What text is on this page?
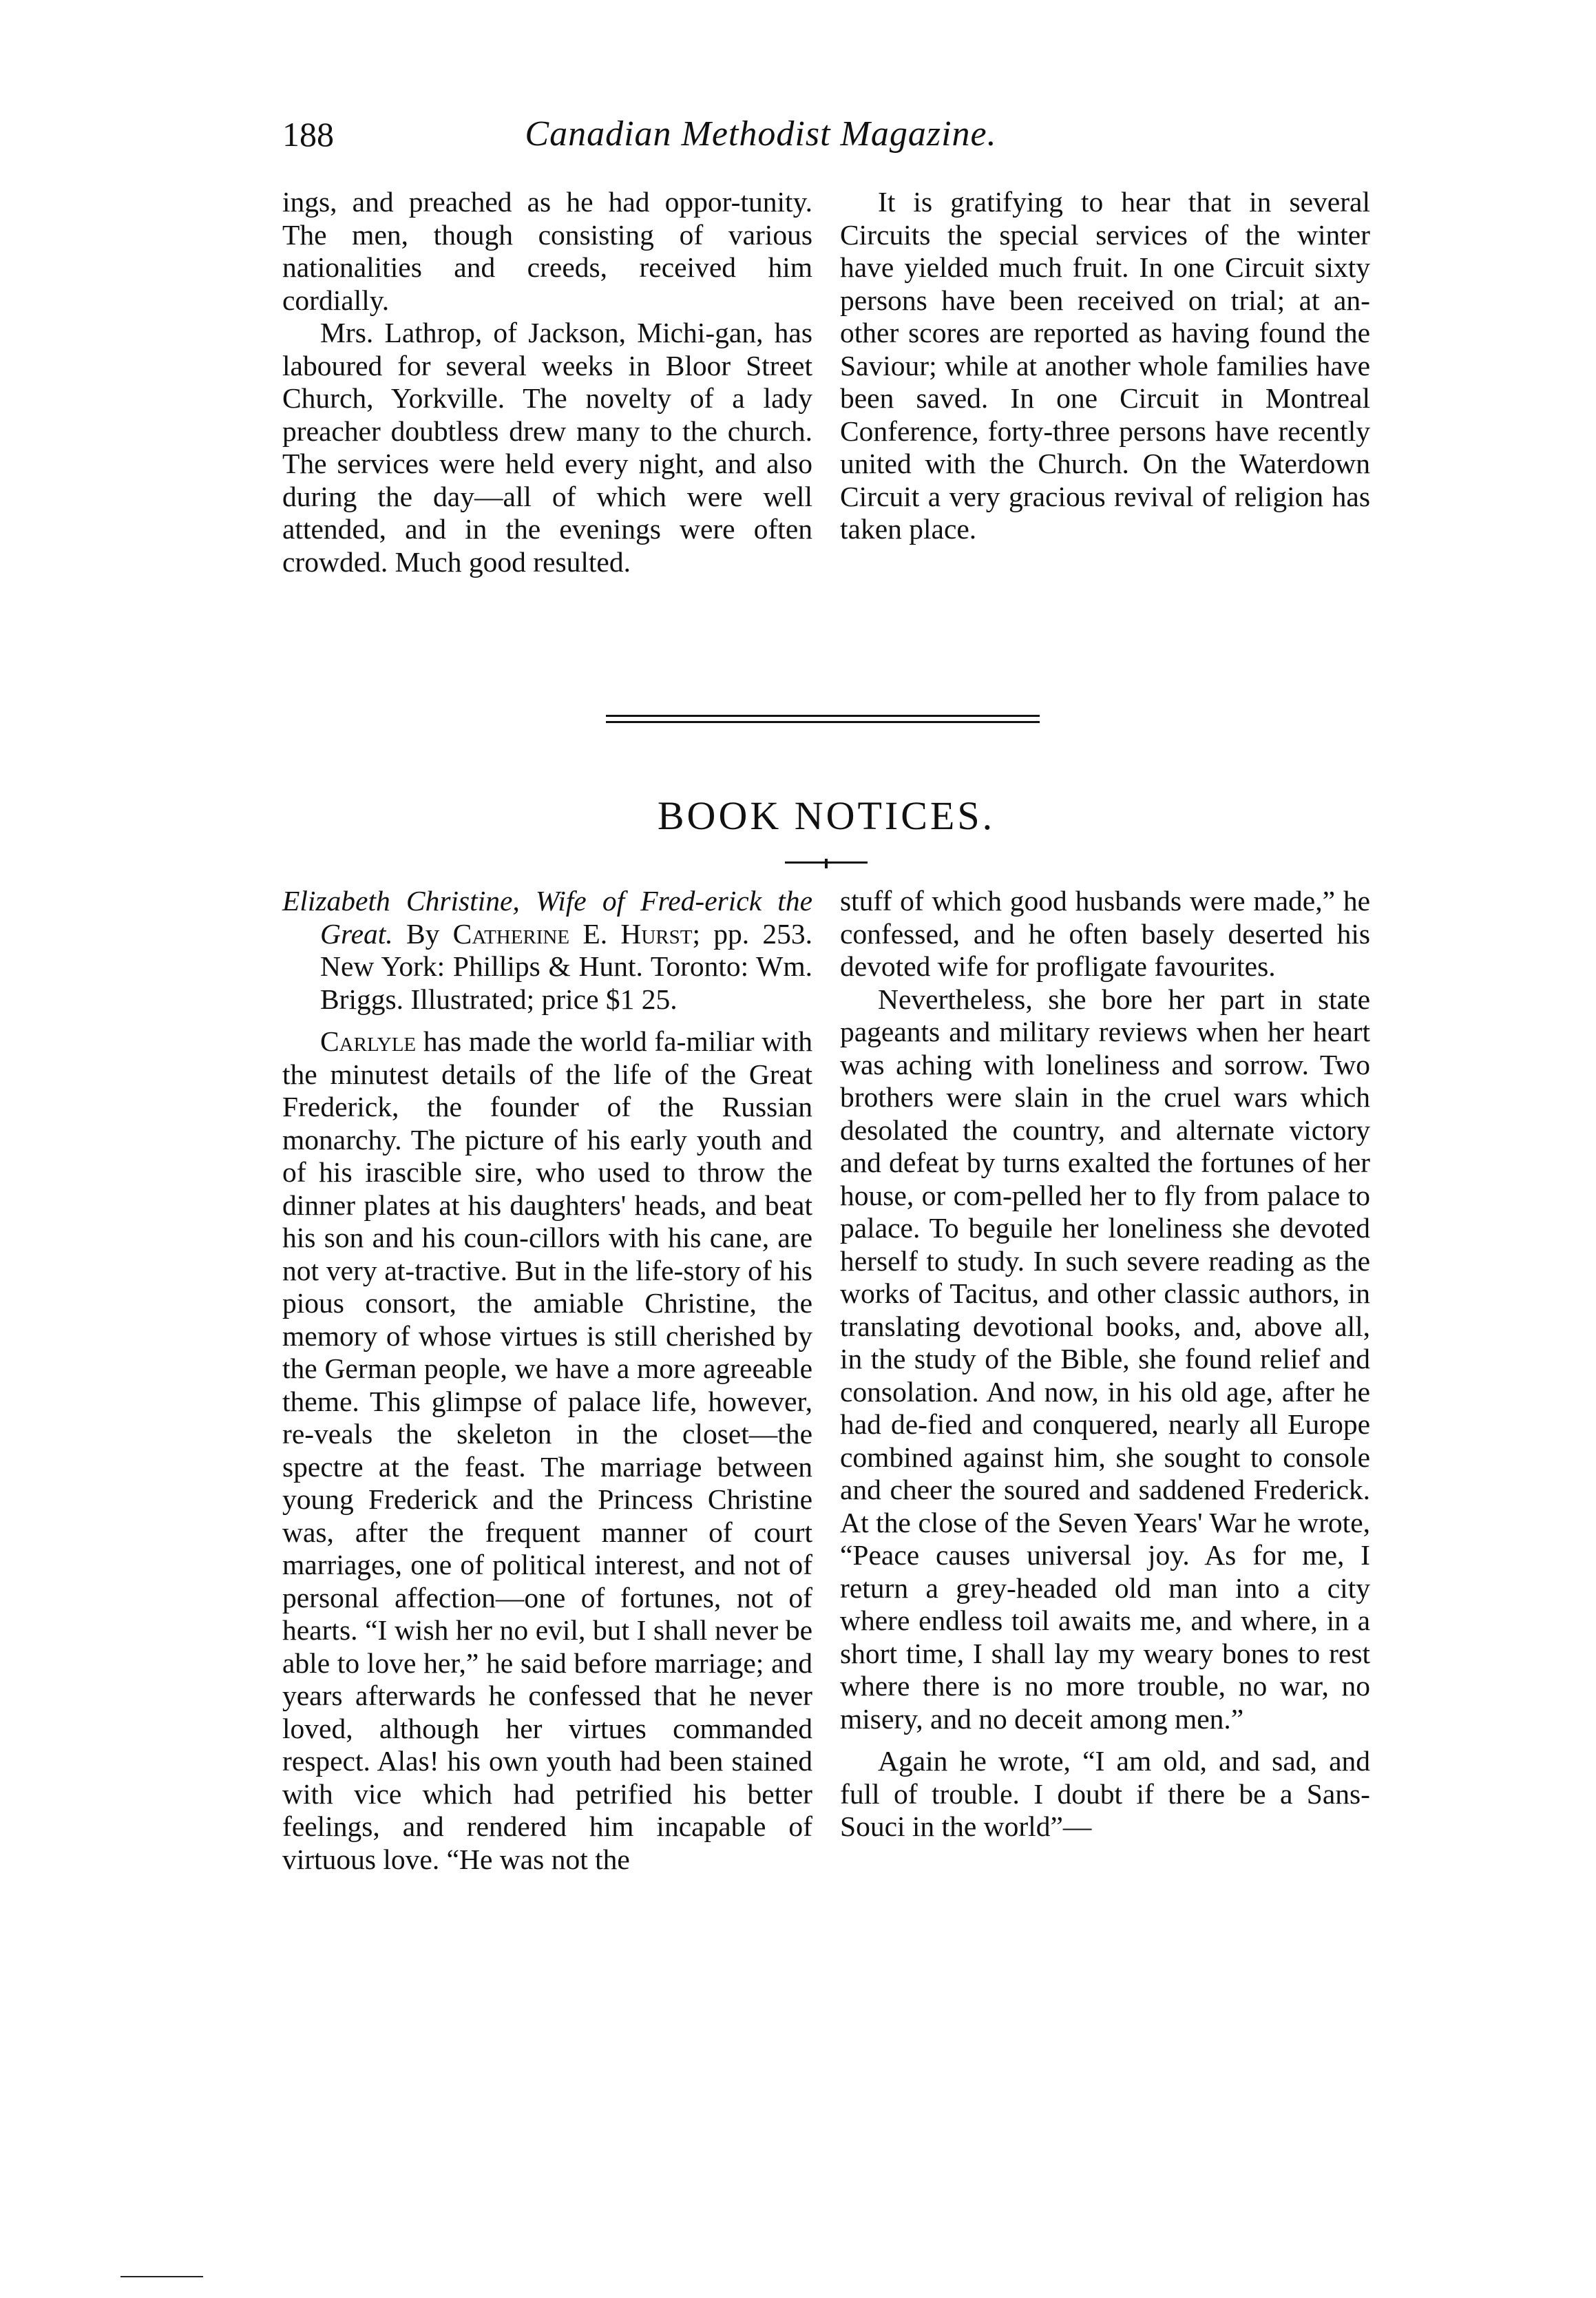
188	Canadian Methodist Magazine.

ings, and preached as he had oppor-tunity. The men, though consisting of various nationalities and creeds, received him cordially.

Mrs. Lathrop, of Jackson, Michi-gan, has laboured for several weeks in Bloor Street Church, Yorkville. The novelty of a lady preacher doubtless drew many to the church. The services were held every night, and also during the day—all of which were well attended, and in the evenings were often crowded. Much good resulted.

It is gratifying to hear that in several Circuits the special services of the winter have yielded much fruit. In one Circuit sixty persons have been received on trial; at an-other scores are reported as having found the Saviour; while at another whole families have been saved. In one Circuit in Montreal Conference, forty-three persons have recently united with the Church. On the Waterdown Circuit a very gracious revival of religion has taken place.

BOOK NOTICES.

Elizabeth Christine, Wife of Fred-erick the Great. By Catherine E. Hurst; pp. 253. New York: Phillips & Hunt. Toronto: Wm. Briggs. Illustrated; price $1 25.

Carlyle has made the world fa-miliar with the minutest details of the life of the Great Frederick, the founder of the Russian monarchy. The picture of his early youth and of his irascible sire, who used to throw the dinner plates at his daughters' heads, and beat his son and his coun-cillors with his cane, are not very at-tractive. But in the life-story of his pious consort, the amiable Christine, the memory of whose virtues is still cherished by the German people, we have a more agreeable theme. This glimpse of palace life, however, re-veals the skeleton in the closet—the spectre at the feast. The marriage between young Frederick and the Princess Christine was, after the frequent manner of court marriages, one of political interest, and not of personal affection—one of fortunes, not of hearts. “I wish her no evil, but I shall never be able to love her,” he said before marriage; and years afterwards he confessed that he never loved, although her virtues commanded respect. Alas! his own youth had been stained with vice which had petrified his better feelings, and rendered him incapable of virtuous love. “He was not the

stuff of which good husbands were made,” he confessed, and he often basely deserted his devoted wife for profligate favourites.

Nevertheless, she bore her part in state pageants and military reviews when her heart was aching with loneliness and sorrow. Two brothers were slain in the cruel wars which desolated the country, and alternate victory and defeat by turns exalted the fortunes of her house, or com-pelled her to fly from palace to palace. To beguile her loneliness she devoted herself to study. In such severe reading as the works of Tacitus, and other classic authors, in translating devotional books, and, above all, in the study of the Bible, she found relief and consolation. And now, in his old age, after he had de-fied and conquered, nearly all Europe combined against him, she sought to console and cheer the soured and saddened Frederick. At the close of the Seven Years' War he wrote, “Peace causes universal joy. As for me, I return a grey-headed old man into a city where endless toil awaits me, and where, in a short time, I shall lay my weary bones to rest where there is no more trouble, no war, no misery, and no deceit among men.”

Again he wrote, “I am old, and sad, and full of trouble. I doubt if there be a Sans-Souci in the world”—
